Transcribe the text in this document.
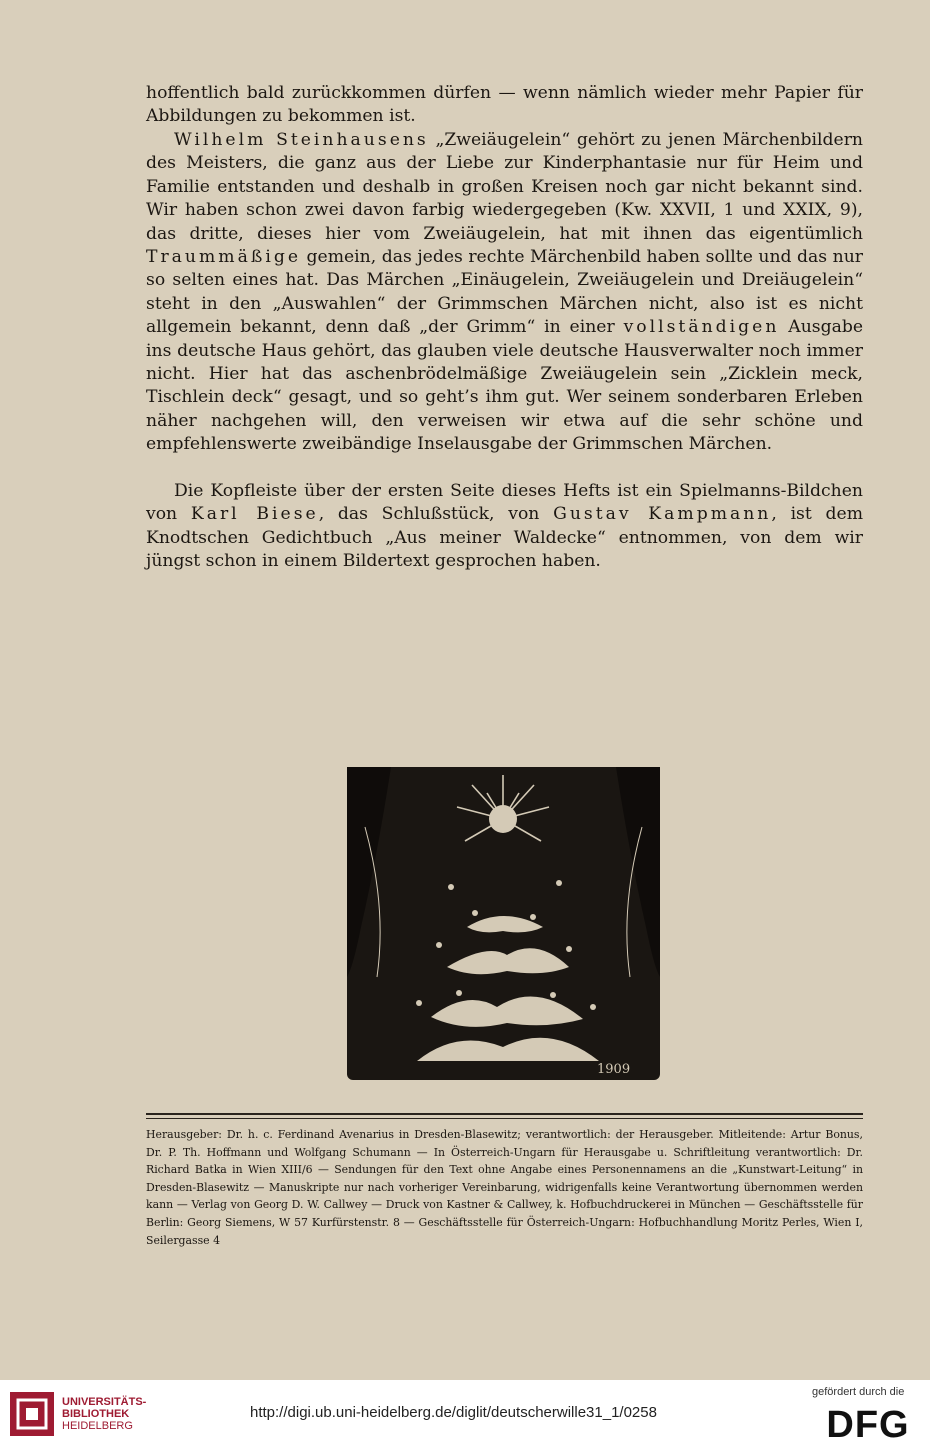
hoffentlich bald zurückkommen dürfen — wenn nämlich wieder mehr Papier für Abbildungen zu bekommen ist.

Wilhelm Steinhausens „Zweiäugelein“ gehört zu jenen Märchenbildern des Meisters, die ganz aus der Liebe zur Kinderphantasie nur für Heim und Familie entstanden und deshalb in großen Kreisen noch gar nicht bekannt sind. Wir haben schon zwei davon farbig wiedergegeben (Kw. XXVII, 1 und XXIX, 9), das dritte, dieses hier vom Zweiäugelein, hat mit ihnen das eigentümlich Traummäßige gemein, das jedes rechte Märchenbild haben sollte und das nur so selten eines hat. Das Märchen „Einäugelein, Zweiäugelein und Dreiäugelein“ steht in den „Auswahlen“ der Grimmschen Märchen nicht, also ist es nicht allgemein bekannt, denn daß „der Grimm“ in einer vollständigen Ausgabe ins deutsche Haus gehört, das glauben viele deutsche Hausverwalter noch immer nicht. Hier hat das aschenbrödelmäßige Zweiäugelein sein „Zicklein meck, Tischlein deck“ gesagt, und so geht’s ihm gut. Wer seinem sonderbaren Erleben näher nachgehen will, den verweisen wir etwa auf die sehr schöne und empfehlenswerte zweibändige Inselausgabe der Grimmschen Märchen.

Die Kopfleiste über der ersten Seite dieses Hefts ist ein Spielmanns-Bildchen von Karl Biese, das Schlußstück, von Gustav Kampmann, ist dem Knodtschen Gedichtbuch „Aus meiner Waldecke“ entnommen, von dem wir jüngst schon in einem Bildertext gesprochen haben.

1909

Herausgeber: Dr. h. c. Ferdinand Avenarius in Dresden-Blasewitz; verantwortlich: der Herausgeber. Mitleitende: Artur Bonus, Dr. P. Th. Hoffmann und Wolfgang Schumann — In Österreich-Ungarn für Herausgabe u. Schriftleitung verantwortlich: Dr. Richard Batka in Wien XIII/6 — Sendungen für den Text ohne Angabe eines Personennamens an die „Kunstwart-Leitung“ in Dresden-Blasewitz — Manuskripte nur nach vorheriger Vereinbarung, widrigenfalls keine Verantwortung übernommen werden kann — Verlag von Georg D. W. Callwey — Druck von Kastner & Callwey, k. Hofbuchdruckerei in München — Geschäftsstelle für Berlin: Georg Siemens, W 57 Kurfürstenstr. 8 — Geschäftsstelle für Österreich-Ungarn: Hofbuchhandlung Moritz Perles, Wien I, Seilergasse 4

UNIVERSITÄTS-
BIBLIOTHEK
HEIDELBERG
http://digi.ub.uni-heidelberg.de/diglit/deutscherwille31_1/0258
gefördert durch die
DFG
